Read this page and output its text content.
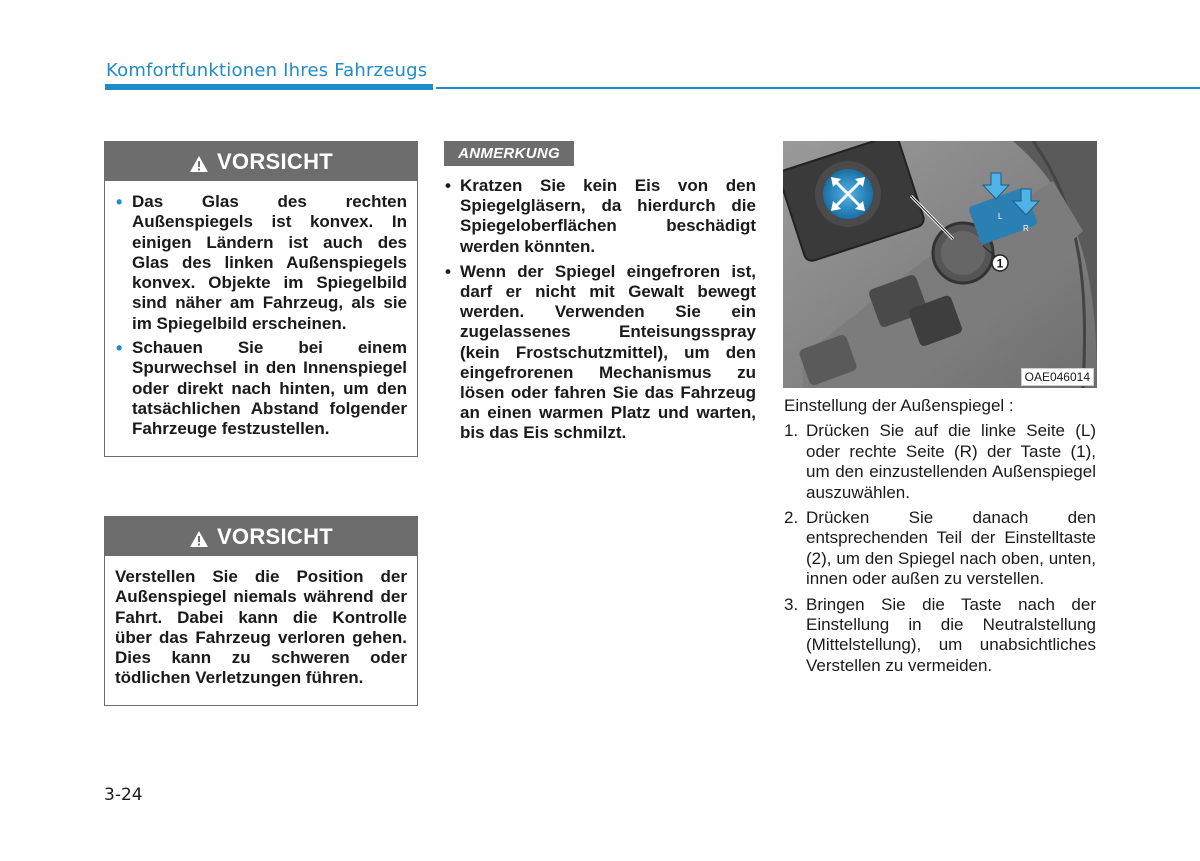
Komfortfunktionen Ihres Fahrzeugs
VORSICHT
• Das Glas des rechten Außenspiegels ist konvex. In einigen Ländern ist auch des Glas des linken Außenspiegels konvex. Objekte im Spiegelbild sind näher am Fahrzeug, als sie im Spiegelbild erscheinen.
• Schauen Sie bei einem Spurwechsel in den Innenspiegel oder direkt nach hinten, um den tatsächlichen Abstand folgender Fahrzeuge festzustellen.
VORSICHT
Verstellen Sie die Position der Außenspiegel niemals während der Fahrt. Dabei kann die Kontrolle über das Fahrzeug verloren gehen. Dies kann zu schweren oder tödlichen Verletzungen führen.
ANMERKUNG
• Kratzen Sie kein Eis von den Spiegelgläsern, da hierdurch die Spiegeloberflächen beschädigt werden könnten.
• Wenn der Spiegel eingefroren ist, darf er nicht mit Gewalt bewegt werden. Verwenden Sie ein zugelassenes Enteisungsspray (kein Frostschutzmittel), um den eingefrorenen Mechanismus zu lösen oder fahren Sie das Fahrzeug an einen warmen Platz und warten, bis das Eis schmilzt.
L
R
1
OAE046014

Einstellung der Außenspiegel :

1. Drücken Sie auf die linke Seite (L) oder rechte Seite (R) der Taste (1), um den einzustellenden Außenspiegel auszuwählen.
2. Drücken Sie danach den entsprechenden Teil der Einstelltaste (2), um den Spiegel nach oben, unten, innen oder außen zu verstellen.
3. Bringen Sie die Taste nach der Einstellung in die Neutralstellung (Mittelstellung), um unabsichtliches Verstellen zu vermeiden.
3-24
